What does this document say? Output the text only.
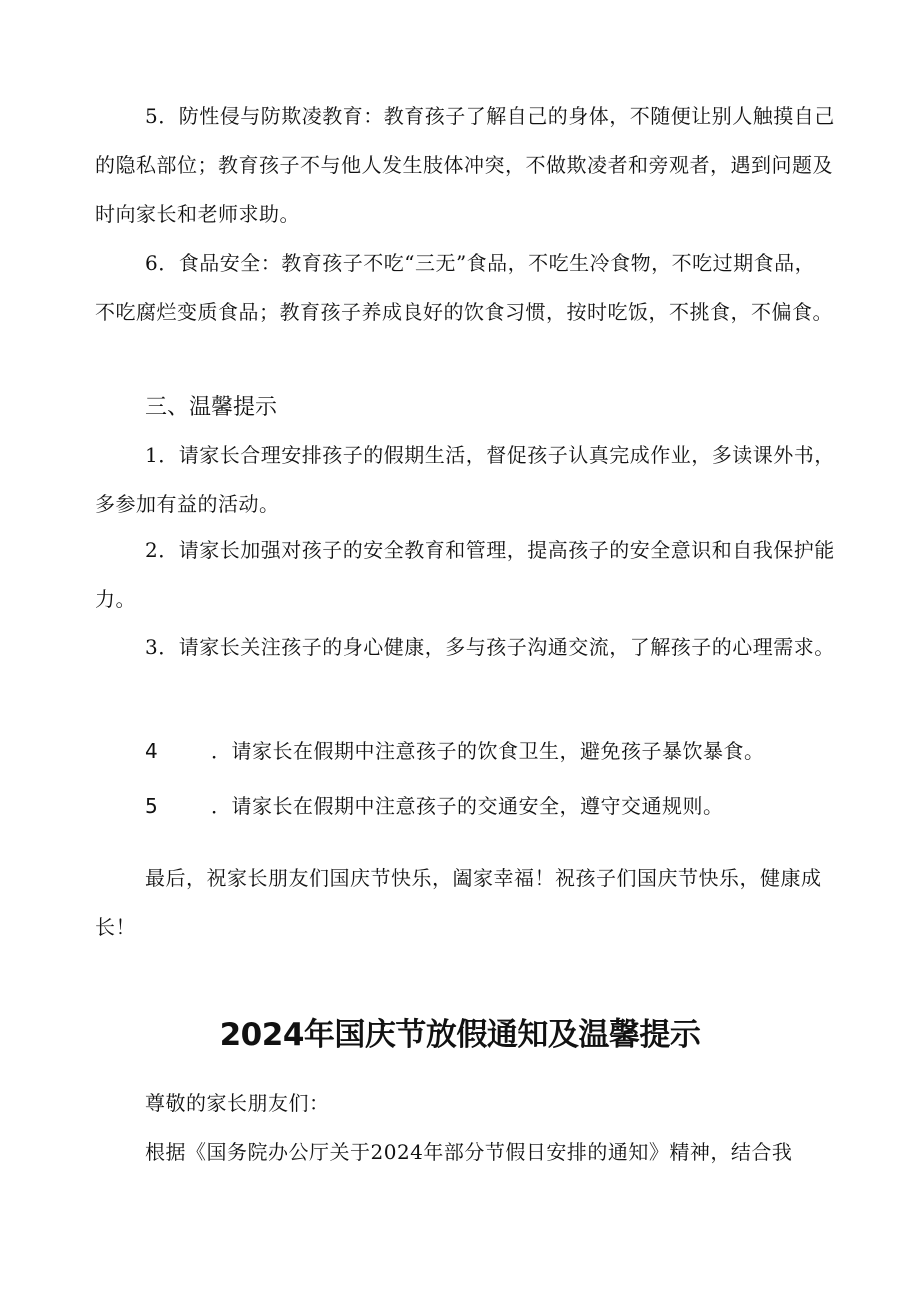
5．防性侵与防欺凌教育：教育孩子了解自己的身体，不随便让别人触摸自己的隐私部位；教育孩子不与他人发生肢体冲突，不做欺凌者和旁观者，遇到问题及时向家长和老师求助。

6．食品安全：教育孩子不吃“三无”食品，不吃生冷食物，不吃过期食品，不吃腐烂变质食品；教育孩子养成良好的饮食习惯，按时吃饭，不挑食，不偏食。

三、温馨提示

1．请家长合理安排孩子的假期生活，督促孩子认真完成作业，多读课外书，多参加有益的活动。

2．请家长加强对孩子的安全教育和管理，提高孩子的安全意识和自我保护能力。

3．请家长关注孩子的身心健康，多与孩子沟通交流，了解孩子的心理需求。

4	．请家长在假期中注意孩子的饮食卫生，避免孩子暴饮暴食。

5	．请家长在假期中注意孩子的交通安全，遵守交通规则。

最后，祝家长朋友们国庆节快乐，阖家幸福！祝孩子们国庆节快乐，健康成长！

2024年国庆节放假通知及温馨提示

尊敬的家长朋友们：

根据《国务院办公厅关于2024年部分节假日安排的通知》精神，结合我
